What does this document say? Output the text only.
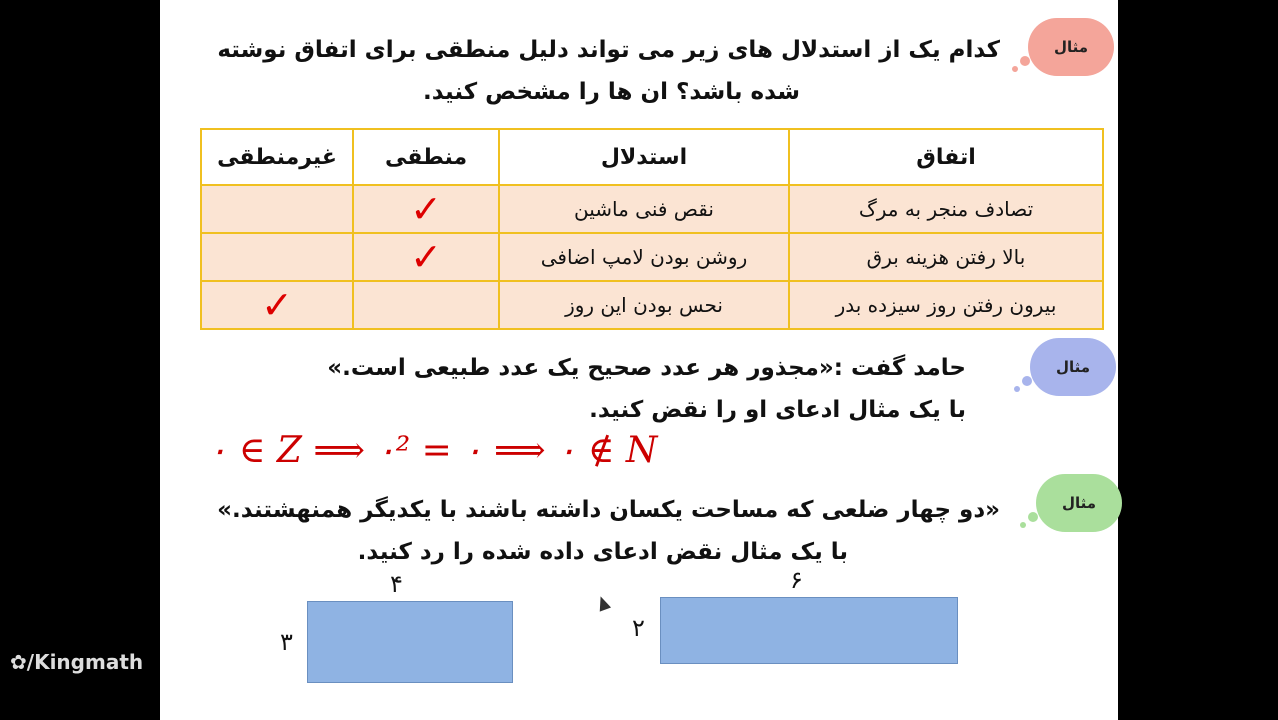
مثال
مثال
مثال
کدام یک از استدلال های زیر می تواند دلیل منطقی برای اتفاق نوشته
شده باشد؟ ان ها را مشخص کنید.
اتفاق	استدلال	منطقی	غیرمنطقی
تصادف منجر به مرگ	نقص فنی ماشین	✓	
بالا رفتن هزینه برق	روشن بودن لامپ اضافی	✓	
بیرون رفتن روز سیزده بدر	نحس بودن این روز		✓
حامد گفت :«مجذور هر عدد صحیح یک عدد طبیعی است.»
با یک مثال ادعای او را نقض کنید.
۰ ∈ Z ⟹ ۰² = ۰ ⟹ ۰ ∉ N
«دو چهار ضلعی که مساحت یکسان داشته باشند با یکدیگر همنهشتند.»
با یک مثال نقض ادعای داده شده را رد کنید.
۴
۳
۶
۲
✿/Kingmath
